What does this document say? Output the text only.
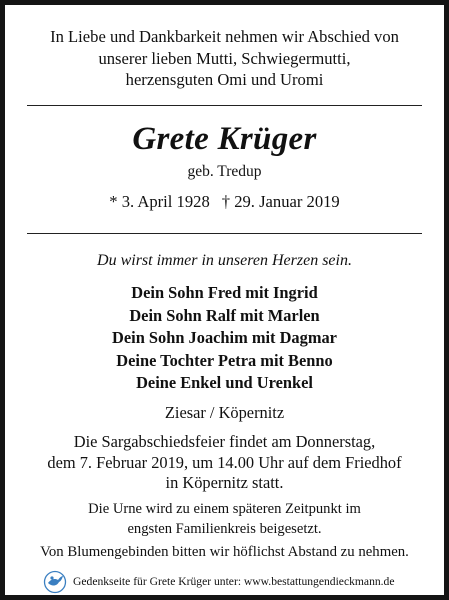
In Liebe und Dankbarkeit nehmen wir Abschied von
unserer lieben Mutti, Schwiegermutti,
herzensguten Omi und Uromi
Grete Krüger
geb. Tredup
* 3. April 1928 † 29. Januar 2019
Du wirst immer in unseren Herzen sein.
Dein Sohn Fred mit Ingrid
Dein Sohn Ralf mit Marlen
Dein Sohn Joachim mit Dagmar
Deine Tochter Petra mit Benno
Deine Enkel und Urenkel
Ziesar / Köpernitz
Die Sargabschiedsfeier findet am Donnerstag,
dem 7. Februar 2019, um 14.00 Uhr auf dem Friedhof
in Köpernitz statt.
Die Urne wird zu einem späteren Zeitpunkt im
engsten Familienkreis beigesetzt.
Von Blumengebinden bitten wir höflichst Abstand zu nehmen.
Gedenkseite für Grete Krüger unter: www.bestattungendieckmann.de
